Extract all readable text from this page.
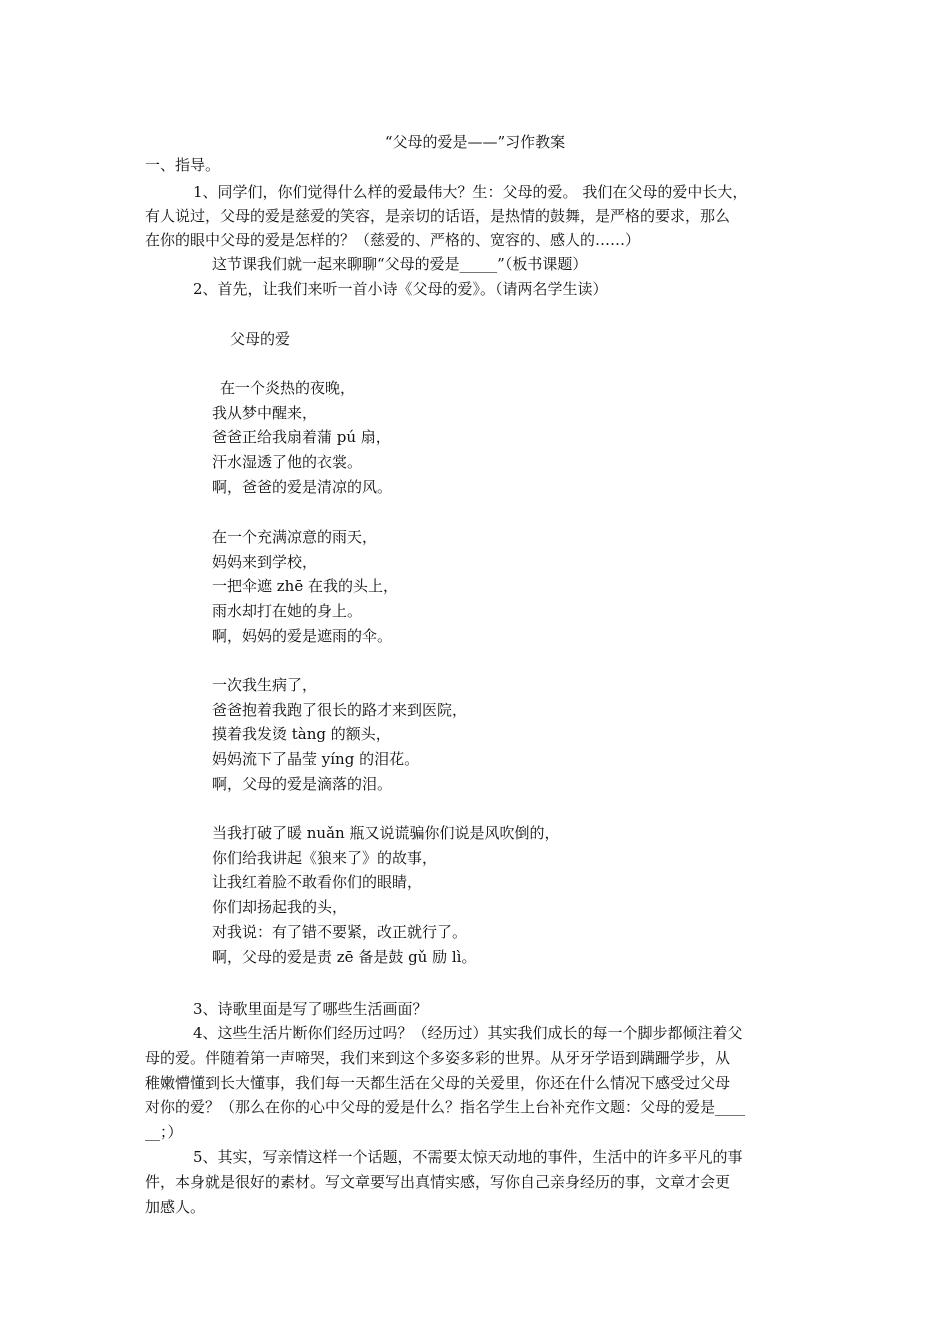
“父母的爱是——”习作教案
一、指导。
1、同学们，你们觉得什么样的爱最伟大？生：父母的爱。 我们在父母的爱中长大，
有人说过，父母的爱是慈爱的笑容，是亲切的话语，是热情的鼓舞，是严格的要求，那么
在你的眼中父母的爱是怎样的？（慈爱的、严格的、宽容的、感人的……）
这节课我们就一起来聊聊“父母的爱是_____”（板书课题）
2、首先，让我们来听一首小诗《父母的爱》。（请两名学生读）
父母的爱
在一个炎热的夜晚，
我从梦中醒来，
爸爸正给我扇着蒲 pú 扇，
汗水湿透了他的衣裳。
啊，爸爸的爱是清凉的风。
在一个充满凉意的雨天，
妈妈来到学校，
一把伞遮 zhē 在我的头上，
雨水却打在她的身上。
啊，妈妈的爱是遮雨的伞。
一次我生病了，
爸爸抱着我跑了很长的路才来到医院，
摸着我发烫 tàng 的额头，
妈妈流下了晶莹 yíng 的泪花。
啊，父母的爱是滴落的泪。
当我打破了暖 nuǎn 瓶又说谎骗你们说是风吹倒的，
你们给我讲起《狼来了》的故事，
让我红着脸不敢看你们的眼睛，
你们却扬起我的头，
对我说：有了错不要紧，改正就行了。
啊，父母的爱是责 zē 备是鼓 gǔ 励 lì。
3、诗歌里面是写了哪些生活画面？
4、这些生活片断你们经历过吗？（经历过）其实我们成长的每一个脚步都倾注着父
母的爱。伴随着第一声啼哭，我们来到这个多姿多彩的世界。从牙牙学语到蹒跚学步，从
稚嫩懵懂到长大懂事，我们每一天都生活在父母的关爱里，你还在什么情况下感受过父母
对你的爱？（那么在你的心中父母的爱是什么？指名学生上台补充作文题：父母的爱是____
__；）
5、其实，写亲情这样一个话题，不需要太惊天动地的事件，生活中的许多平凡的事
件，本身就是很好的素材。写文章要写出真情实感，写你自己亲身经历的事，文章才会更
加感人。
